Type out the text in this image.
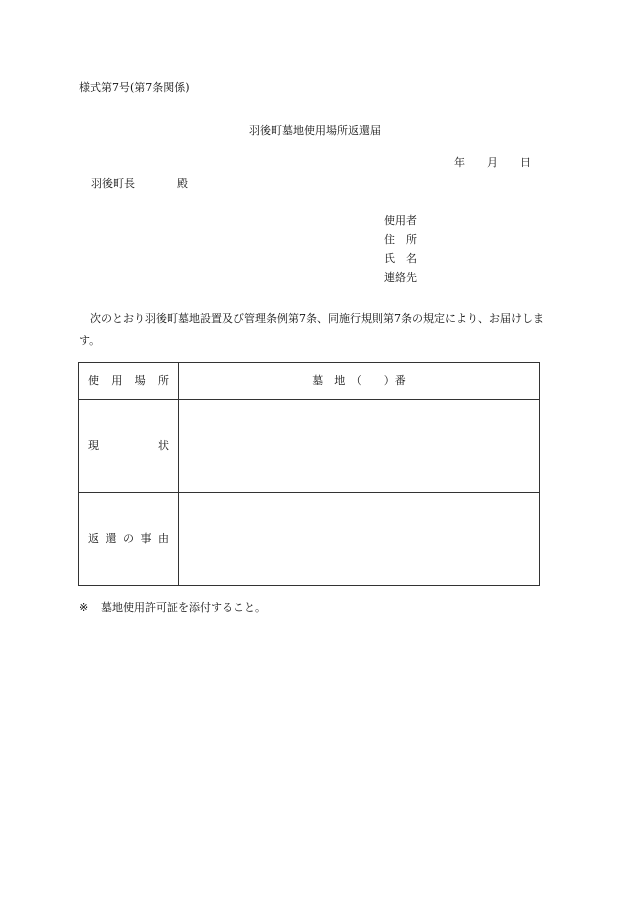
様式第7号(第7条関係)
羽後町墓地使用場所返還届
年 月 日
羽後町長	殿
使用者
住　所
氏　名
連絡先
次のとおり羽後町墓地設置及び管理条例第7条、同施行規則第7条の規定により、お届けします。
使 用 場 所	墓　地　（　　）番

現 状	

返 還 の 事 由	

※ 墓地使用許可証を添付すること。
